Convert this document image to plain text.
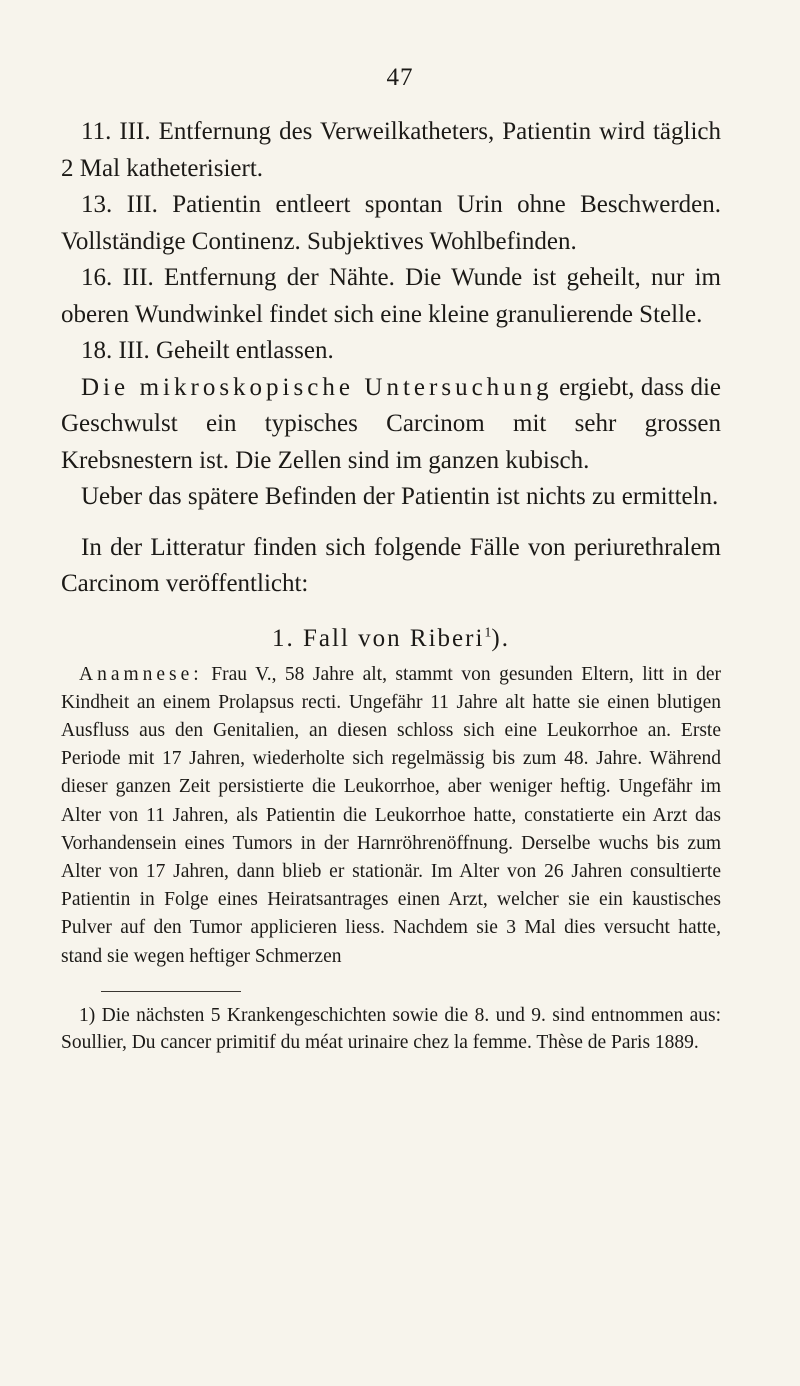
47

11. III. Entfernung des Verweilkatheters, Patientin wird täglich 2 Mal katheterisiert.

13. III. Patientin entleert spontan Urin ohne Beschwerden. Vollständige Continenz. Subjektives Wohlbefinden.

16. III. Entfernung der Nähte. Die Wunde ist geheilt, nur im oberen Wundwinkel findet sich eine kleine granulierende Stelle.

18. III. Geheilt entlassen.

Die mikroskopische Untersuchung ergiebt, dass die Geschwulst ein typisches Carcinom mit sehr grossen Krebsnestern ist. Die Zellen sind im ganzen kubisch.

Ueber das spätere Befinden der Patientin ist nichts zu ermitteln.

In der Litteratur finden sich folgende Fälle von periurethralem Carcinom veröffentlicht:

1. Fall von Riberi$^1$).

Anamnese: Frau V., 58 Jahre alt, stammt von gesunden Eltern, litt in der Kindheit an einem Prolapsus recti. Ungefähr 11 Jahre alt hatte sie einen blutigen Ausfluss aus den Genitalien, an diesen schloss sich eine Leukorrhoe an. Erste Periode mit 17 Jahren, wiederholte sich regelmässig bis zum 48. Jahre. Während dieser ganzen Zeit persistierte die Leukorrhoe, aber weniger heftig. Ungefähr im Alter von 11 Jahren, als Patientin die Leukorrhoe hatte, constatierte ein Arzt das Vorhandensein eines Tumors in der Harnröhrenöffnung. Derselbe wuchs bis zum Alter von 17 Jahren, dann blieb er stationär. Im Alter von 26 Jahren consultierte Patientin in Folge eines Heiratsantrages einen Arzt, welcher sie ein kaustisches Pulver auf den Tumor applicieren liess. Nachdem sie 3 Mal dies versucht hatte, stand sie wegen heftiger Schmerzen

1) Die nächsten 5 Krankengeschichten sowie die 8. und 9. sind entnommen aus: Soullier, Du cancer primitif du méat urinaire chez la femme. Thèse de Paris 1889.
